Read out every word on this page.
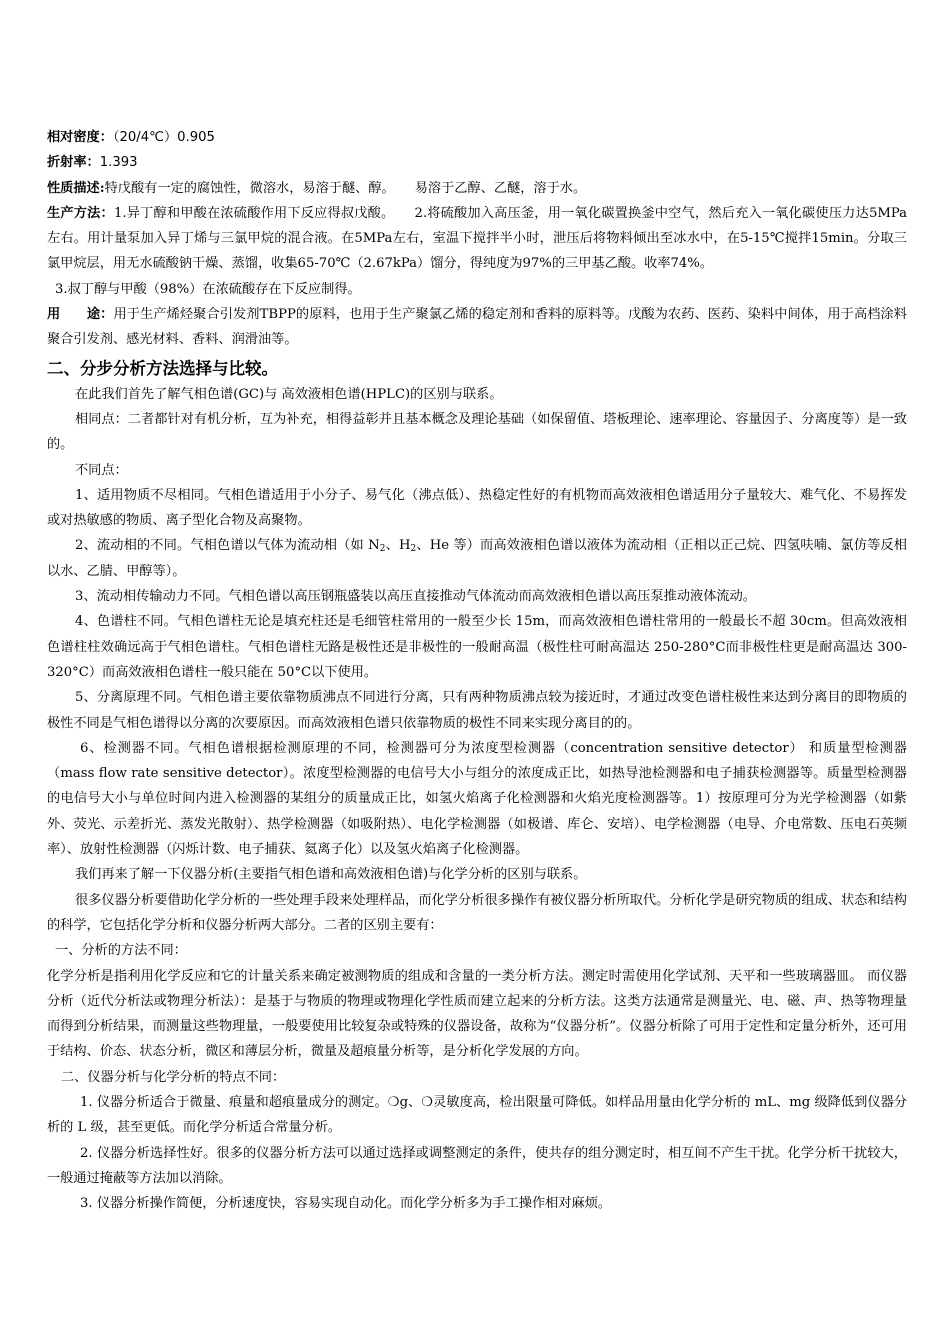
相对密度：（20/4℃）0.905

折射率：1.393

性质描述:特戊酸有一定的腐蚀性，微溶水，易溶于醚、醇。 易溶于乙醇、乙醚，溶于水。

生产方法：1.异丁醇和甲酸在浓硫酸作用下反应得叔戊酸。 2.将硫酸加入高压釜，用一氧化碳置换釜中空气，然后充入一氧化碳使压力达5MPa左右。用计量泵加入异丁烯与三氯甲烷的混合液。在5MPa左右，室温下搅拌半小时，泄压后将物料倾出至冰水中，在5-15℃搅拌15min。分取三氯甲烷层，用无水硫酸钠干燥、蒸馏，收集65-70℃（2.67kPa）馏分，得纯度为97%的三甲基乙酸。收率74%。

3.叔丁醇与甲酸（98%）在浓硫酸存在下反应制得。

用　　途：用于生产烯烃聚合引发剂TBPP的原料，也用于生产聚氯乙烯的稳定剂和香料的原料等。戊酸为农药、医药、染料中间体，用于高档涂料聚合引发剂、感光材料、香料、润滑油等。

二、分步分析方法选择与比较。

在此我们首先了解气相色谱(GC)与 高效液相色谱(HPLC)的区别与联系。

相同点：二者都针对有机分析，互为补充，相得益彰并且基本概念及理论基础（如保留值、塔板理论、速率理论、容量因子、分离度等）是一致的。

不同点：

1、适用物质不尽相同。气相色谱适用于小分子、易气化（沸点低）、热稳定性好的有机物而高效液相色谱适用分子量较大、难气化、不易挥发或对热敏感的物质、离子型化合物及高聚物。

2、流动相的不同。气相色谱以气体为流动相（如 $N_2$、$H_2$、He 等）而高效液相色谱以液体为流动相（正相以正己烷、四氢呋喃、氯仿等反相以水、乙腈、甲醇等）。

3、流动相传输动力不同。气相色谱以高压钢瓶盛装以高压直接推动气体流动而高效液相色谱以高压泵推动液体流动。

4、色谱柱不同。气相色谱柱无论是填充柱还是毛细管柱常用的一般至少长 15m，而高效液相色谱柱常用的一般最长不超 30cm。但高效液相色谱柱柱效确远高于气相色谱柱。气相色谱柱无路是极性还是非极性的一般耐高温（极性柱可耐高温达 250-280°C而非极性柱更是耐高温达 300-320°C）而高效液相色谱柱一般只能在 50°C以下使用。

5、分离原理不同。气相色谱主要依靠物质沸点不同进行分离，只有两种物质沸点较为接近时，才通过改变色谱柱极性来达到分离目的即物质的极性不同是气相色谱得以分离的次要原因。而高效液相色谱只依靠物质的极性不同来实现分离目的的。

6、检测器不同。气相色谱根据检测原理的不同，检测器可分为浓度型检测器（concentration sensitive detector） 和质量型检测器（mass flow rate sensitive detector）。浓度型检测器的电信号大小与组分的浓度成正比，如热导池检测器和电子捕获检测器等。质量型检测器的电信号大小与单位时间内进入检测器的某组分的质量成正比，如氢火焰离子化检测器和火焰光度检测器等。1）按原理可分为光学检测器（如紫外、荧光、示差折光、蒸发光散射）、热学检测器（如吸附热）、电化学检测器（如极谱、库仑、安培）、电学检测器（电导、介电常数、压电石英频率）、放射性检测器（闪烁计数、电子捕获、氦离子化）以及氢火焰离子化检测器。

我们再来了解一下仪器分析(主要指气相色谱和高效液相色谱)与化学分析的区别与联系。

很多仪器分析要借助化学分析的一些处理手段来处理样品，而化学分析很多操作有被仪器分析所取代。分析化学是研究物质的组成、状态和结构的科学，它包括化学分析和仪器分析两大部分。二者的区别主要有：

一、分析的方法不同：

化学分析是指利用化学反应和它的计量关系来确定被测物质的组成和含量的一类分析方法。测定时需使用化学试剂、天平和一些玻璃器皿。 而仪器分析（近代分析法或物理分析法）：是基于与物质的物理或物理化学性质而建立起来的分析方法。这类方法通常是测量光、电、磁、声、热等物理量而得到分析结果，而测量这些物理量，一般要使用比较复杂或特殊的仪器设备，故称为“仪器分析”。仪器分析除了可用于定性和定量分析外，还可用于结构、价态、状态分析，微区和薄层分析，微量及超痕量分析等，是分析化学发展的方向。

二、仪器分析与化学分析的特点不同：

1. 仪器分析适合于微量、痕量和超痕量成分的测定。❍g、❍灵敏度高，检出限量可降低。如样品用量由化学分析的 mL、mg 级降低到仪器分析的 L 级，甚至更低。而化学分析适合常量分析。

2. 仪器分析选择性好。很多的仪器分析方法可以通过选择或调整测定的条件，使共存的组分测定时，相互间不产生干扰。化学分析干扰较大，一般通过掩蔽等方法加以消除。

3. 仪器分析操作简便，分析速度快，容易实现自动化。而化学分析多为手工操作相对麻烦。
